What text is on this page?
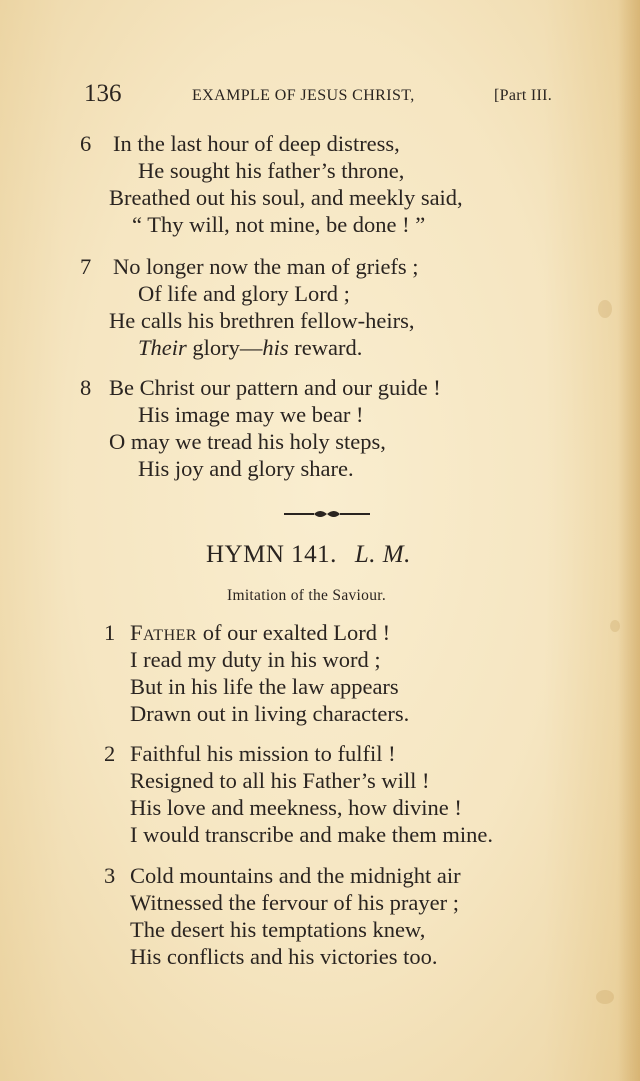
136	EXAMPLE OF JESUS CHRIST,	[Part III.
6 In the last hour of deep distress,
He sought his father’s throne,
Breathed out his soul, and meekly said,
“ Thy will, not mine, be done ! ”
7 No longer now the man of griefs ;
Of life and glory Lord ;
He calls his brethren fellow-heirs,
Their glory—his reward.
8 Be Christ our pattern and our guide !
His image may we bear !
O may we tread his holy steps,
His joy and glory share.
HYMN 141. L. M.
Imitation of the Saviour.
1 Father of our exalted Lord !
I read my duty in his word ;
But in his life the law appears
Drawn out in living characters.
2 Faithful his mission to fulfil !
Resigned to all his Father’s will !
His love and meekness, how divine !
I would transcribe and make them mine.
3 Cold mountains and the midnight air
Witnessed the fervour of his prayer ;
The desert his temptations knew,
His conflicts and his victories too.
